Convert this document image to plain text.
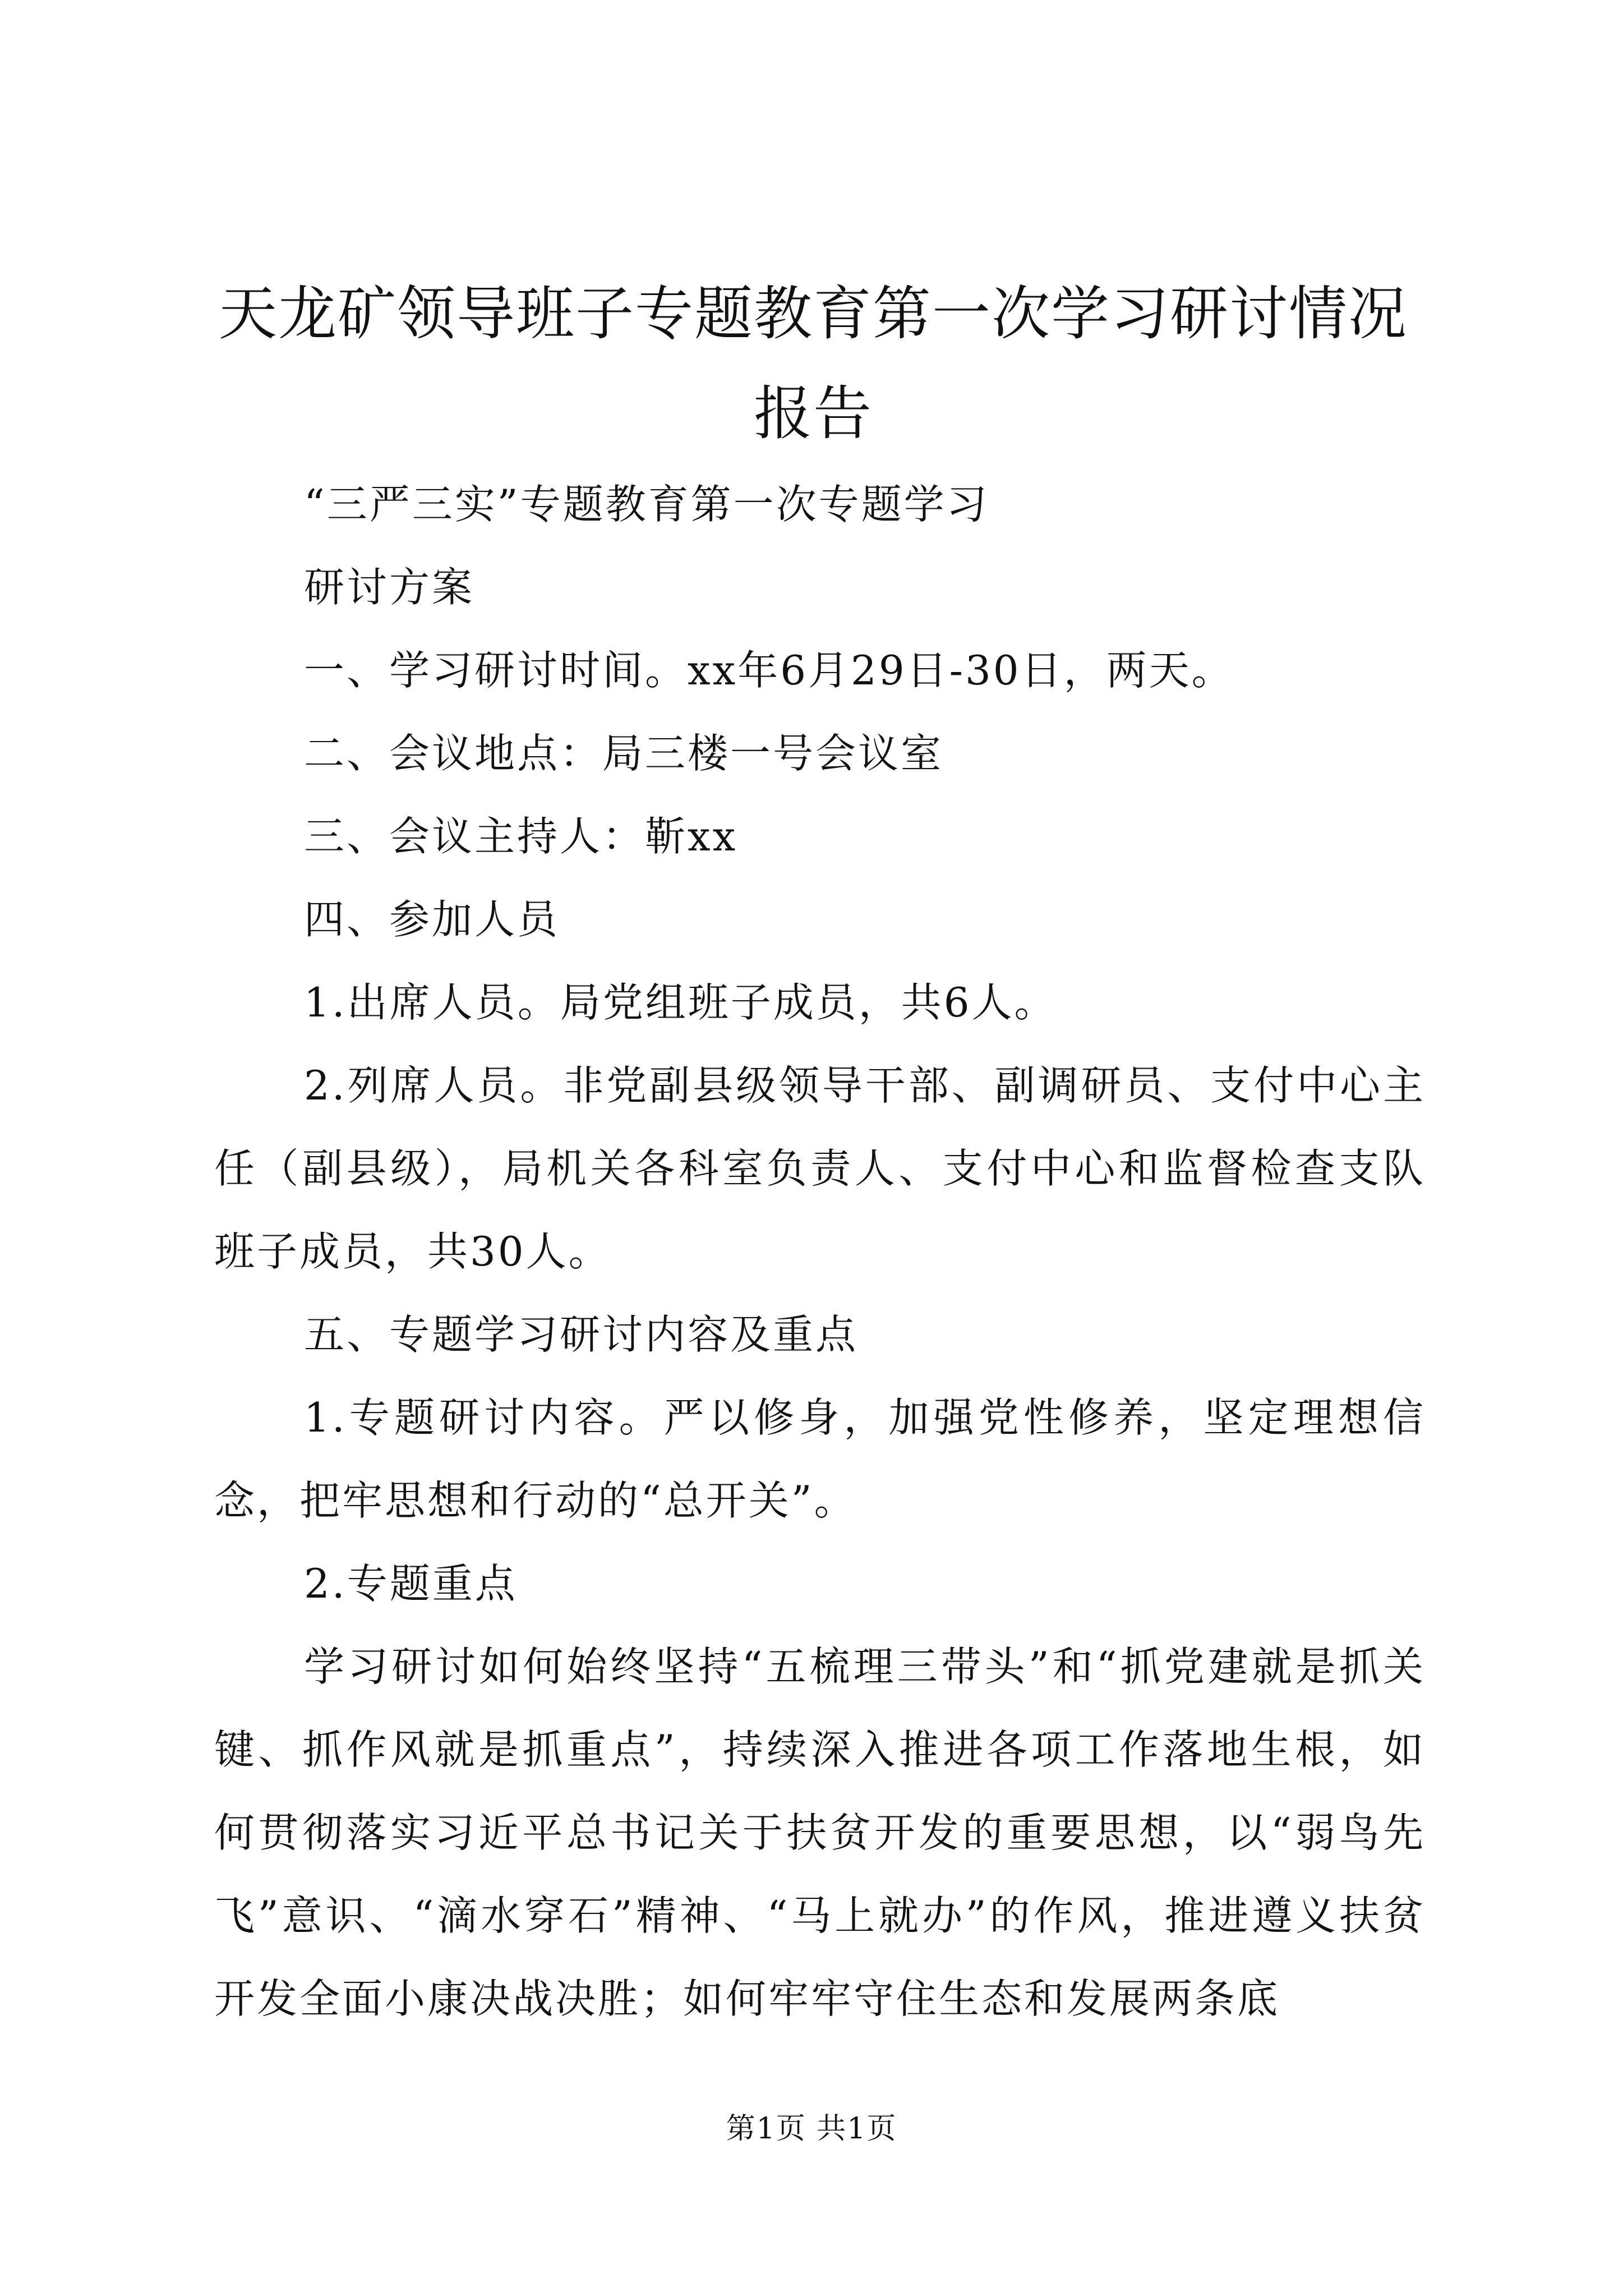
天龙矿领导班子专题教育第一次学习研讨情况报告

“三严三实”专题教育第一次专题学习

研讨方案

一、学习研讨时间。xx年6月29日-30日，两天。

二、会议地点：局三楼一号会议室

三、会议主持人：靳xx

四、参加人员

1.出席人员。局党组班子成员，共6人。

2.列席人员。非党副县级领导干部、副调研员、支付中心主任（副县级），局机关各科室负责人、支付中心和监督检查支队班子成员，共30人。

五、专题学习研讨内容及重点

1.专题研讨内容。严以修身，加强党性修养，坚定理想信念，把牢思想和行动的“总开关”。

2.专题重点

学习研讨如何始终坚持“五梳理三带头”和“抓党建就是抓关键、抓作风就是抓重点”，持续深入推进各项工作落地生根，如何贯彻落实习近平总书记关于扶贫开发的重要思想，以“弱鸟先飞”意识、“滴水穿石”精神、“马上就办”的作风，推进遵义扶贫开发全面小康决战决胜；如何牢牢守住生态和发展两条底

第1页 共1页
